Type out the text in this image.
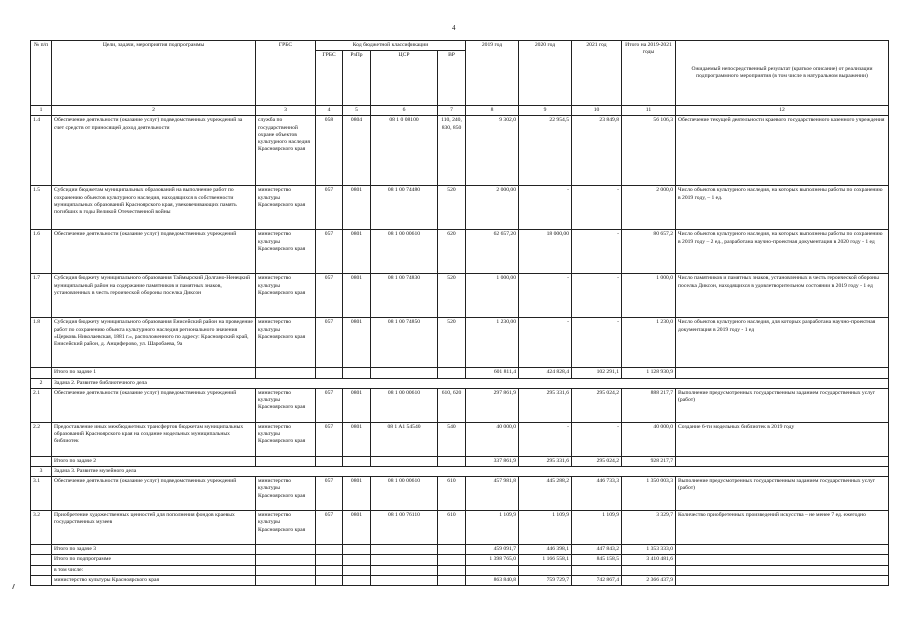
4
№ п/п	Цели, задачи, мероприятия подпрограммы	ГРБС	Код бюджетной классификации				2019 год	2020 год	2021 год	Итого на 2019-2021 годы	Ожидаемый непосредственный результат (краткое описание) от реализации подпрограммного мероприятия (в том числе в натуральном выражении)
			ГРБС	РзПр	ЦСР	ВР					
1	2	3	4	5	6	7	8	9	10	11	12
1.4	Обеспечение деятельности (оказание услуг) подведомственных учреждений за счет средств от приносящей доход деятельности	служба по государственной охране объектов культурного наследия Красноярского края	058	0804	08 1 0 08100	110, 240, 830, 850	9 302,0	22 954,5	23 849,8	56 106,3	Обеспечение текущей деятельности краевого государственного казенного учреждения
1.5	Субсидии бюджетам муниципальных образований на выполнение работ по сохранению объектов культурного наследия, находящихся в собственности муниципальных образований Красноярского края, увековечивающих память погибших в годы Великой Отечественной войны	министерство культуры Красноярского края	057	0801	08 1 00 74480	520	2 000,00	-	-	2 000,0	Число объектов культурного наследия, на которых выполнены работы по сохранению в 2019 году, – 1 ед.
1.6	Обеспечение деятельности (оказание услуг) подведомственных учреждений	министерство культуры Красноярского края	057	0801	08 1 00 00610	620	62 657,20	18 000,00	-	80 657,2	Число объектов культурного наследия, на которых выполнены работы по сохранению в 2019 году – 2 ед., разработана научно-проектная документация в 2020 году - 1 ед
1.7	Субсидия бюджету муниципального образования Таймырский Долгано-Ненецкий муниципальный район на содержание памятников и памятных знаков, установленных в честь героической обороны поселка Диксон	министерство культуры Красноярского края	057	0801	08 1 00 74830	520	1 000,00	-	-	1 000,0	Число памятников и памятных знаков, установленных в честь героической обороны поселка Диксон, находящихся в удовлетворительном состоянии в 2019 году - 1 ед
1.8	Субсидия бюджету муниципального образования Енисейский район на проведение работ по сохранению объекта культурного наследия регионального значения «Церковь Николаевская, 1881 г.», расположенного по адресу: Красноярский край, Енисейский район, д. Анциферово, ул. Шаробаева, 9а	министерство культуры Красноярского края	057	0801	08 1 00 74850	520	1 230,00	-	-	1 230,0	Число объектов культурного наследия, для которых разработана научно-проектная документация в 2019 году - 1 ед
	Итого по задаче 1						601 811,4	424 828,4	102 291,1	1 128 930,9	
2	Задача 2. Развитие библиотечного дела										
2.1	Обеспечение деятельности (оказание услуг) подведомственных учреждений	министерство культуры Красноярского края	057	0801	08 1 00 00610	610, 620	297 861,9	295 331,6	295 024,2	888 217,7	Выполнение предусмотренных государственным заданием государственных услуг (работ)
2.2	Предоставление иных межбюджетных трансфертов бюджетам муниципальных образований Красноярского края на создание модельных муниципальных библиотек	министерство культуры Красноярского края	057	0801	08 1 A1 54540	540	40 000,0	-	-	40 000,0	Создание 6-ти модельных библиотек в 2019 году
	Итого по задаче 2						337 861,9	295 331,6	295 024,2	928 217,7	
3	Задача 3. Развитие музейного дела										
3.1	Обеспечение деятельности (оказание услуг) подведомственных учреждений	министерство культуры Красноярского края	057	0801	08 1 00 00610	610	457 981,8	445 288,2	446 733,3	1 350 003,3	Выполнение предусмотренных государственным заданием государственных услуг (работ)
3.2	Приобретение художественных ценностей для пополнения фондов краевых государственных музеев	министерство культуры Красноярского края	057	0801	08 1 00 76110	610	1 109,9	1 109,9	1 109,9	3 329,7	Количество приобретенных произведений искусства – не менее 7 ед. ежегодно
	Итого по задаче 3						459 091,7	446 398,1	447 843,2	1 353 333,0	
	Итого по подпрограмме						1 398 765,0	1 166 558,1	845 158,5	3 410 481,6	
	в том числе:										
	министерство культуры Красноярского края						863 840,8	759 729,7	742 867,4	2 366 437,9	
